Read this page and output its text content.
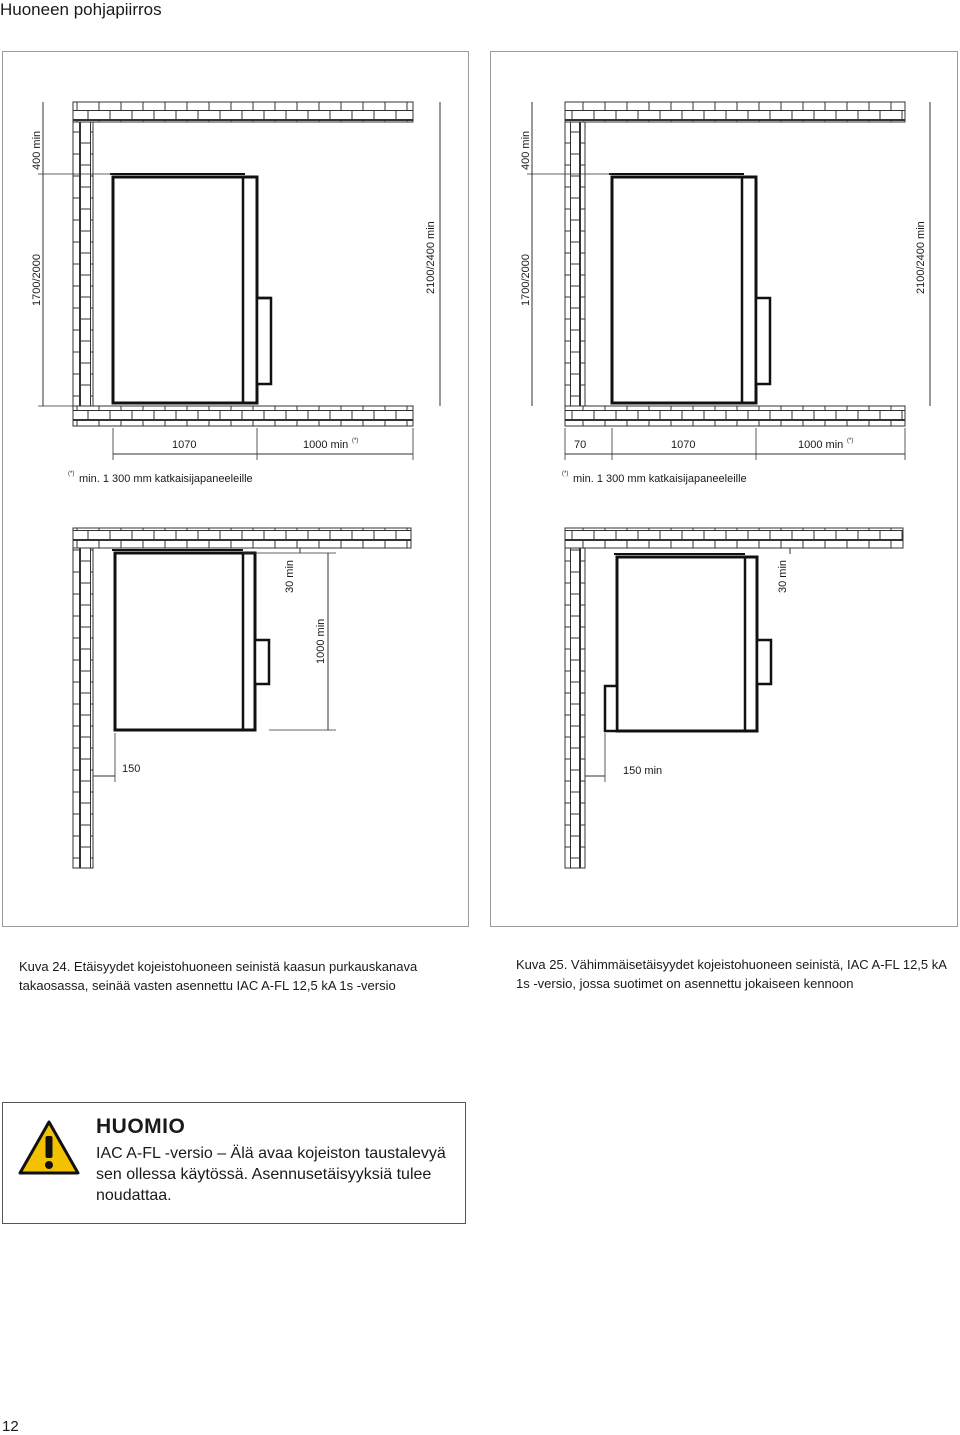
Huoneen pohjapiirros
400 min
1700/2000	2100/2400 min
1070	1000 min (*)
(*) min. 1 300 mm katkaisijapaneeleille
400 min
1700/2000	2100/2400 min
70	1070	1000 min (*)
(*) min. 1 300 mm katkaisijapaneeleille
30 min
1000 min
150
30 min
150 min
Kuva 24. Etäisyydet kojeistohuoneen seinistä kaasun purkauskanava takaosassa, seinää vasten asennettu IAC A-FL 12,5 kA 1s -versio
Kuva 25. Vähimmäisetäisyydet kojeistohuoneen seinistä, IAC A-FL 12,5 kA 1s -versio, jossa suotimet on asennettu jokaiseen kennoon
HUOMIO
IAC A-FL -versio – Älä avaa kojeiston taustalevyä sen ollessa käytössä. Asennusetäisyyksiä tulee noudattaa.
12
